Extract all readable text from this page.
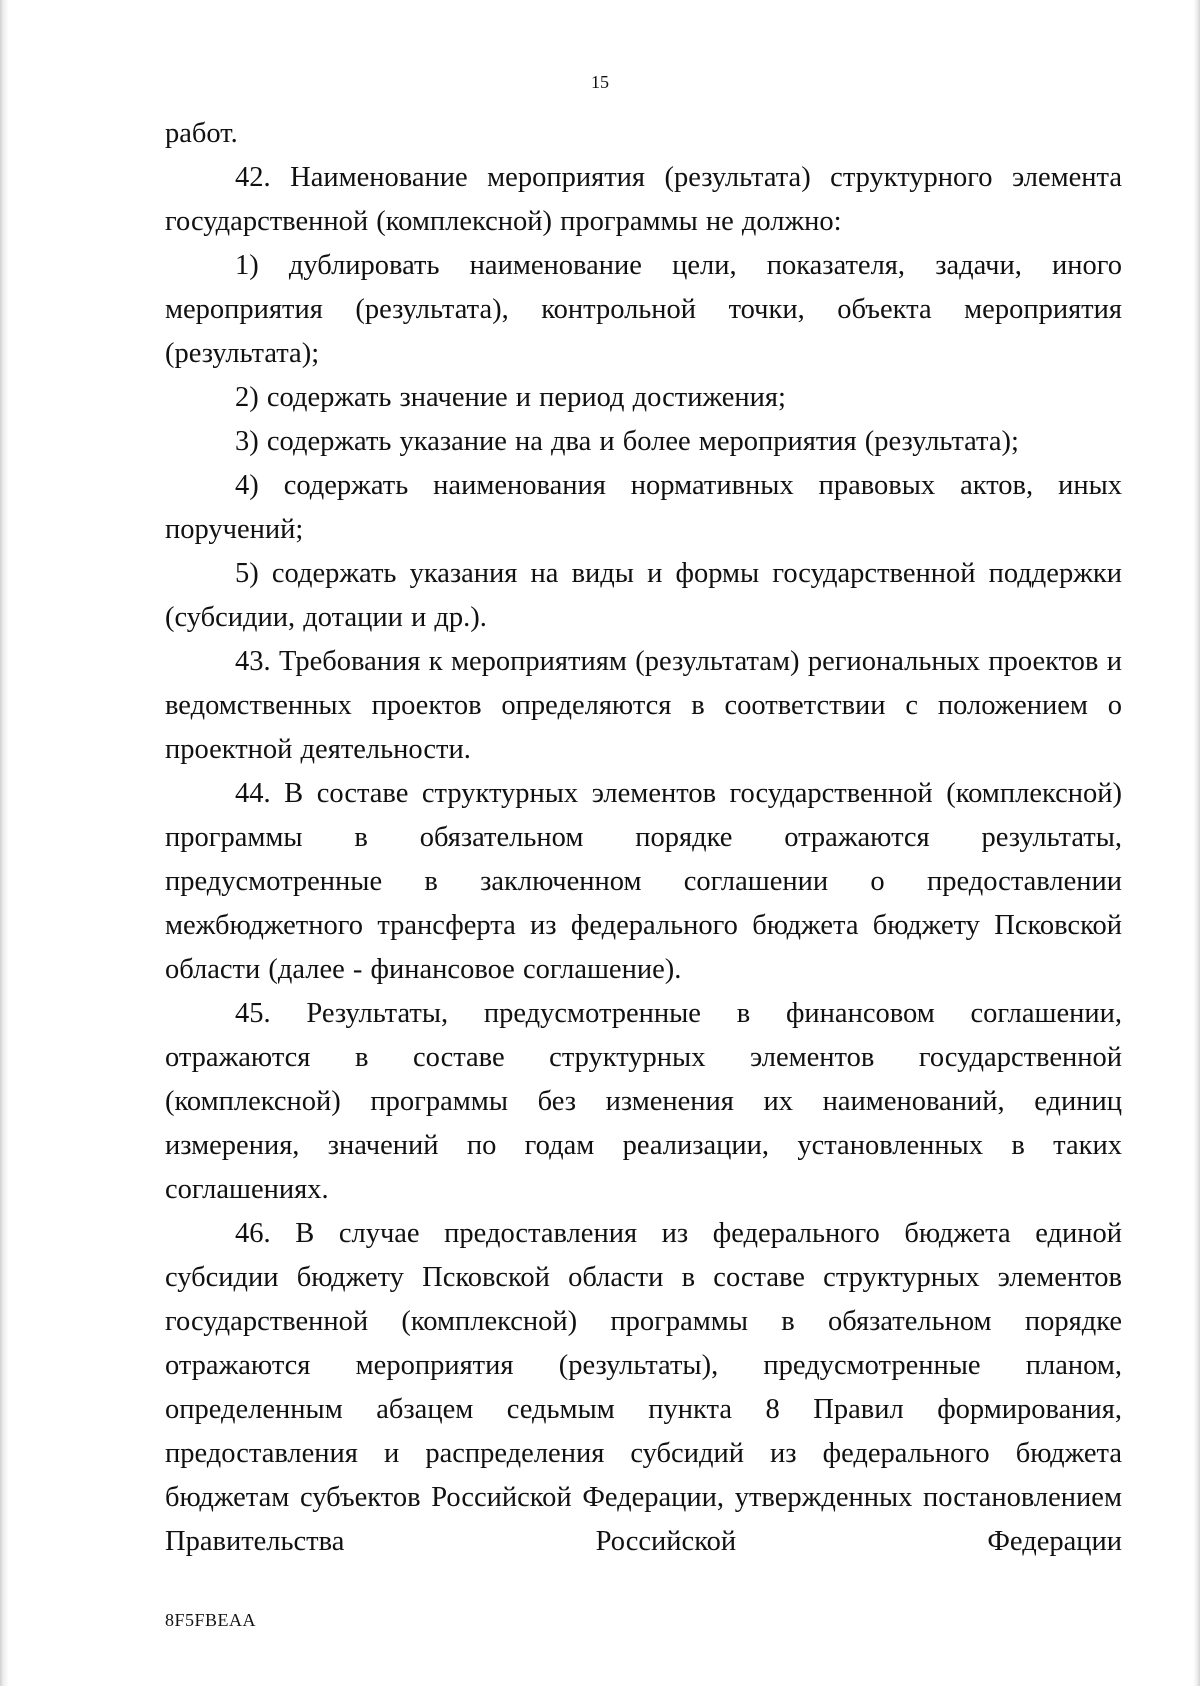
15

работ.

42. Наименование мероприятия (результата) структурного элемента государственной (комплексной) программы не должно:

1) дублировать наименование цели, показателя, задачи, иного мероприятия (результата), контрольной точки, объекта мероприятия (результата);

2) содержать значение и период достижения;

3) содержать указание на два и более мероприятия (результата);

4) содержать наименования нормативных правовых актов, иных поручений;

5) содержать указания на виды и формы государственной поддержки (субсидии, дотации и др.).

43. Требования к мероприятиям (результатам) региональных проектов и ведомственных проектов определяются в соответствии с положением о проектной деятельности.

44. В составе структурных элементов государственной (комплексной) программы в обязательном порядке отражаются результаты, предусмотренные в заключенном соглашении о предоставлении межбюджетного трансферта из федерального бюджета бюджету Псковской области (далее - финансовое соглашение).

45. Результаты, предусмотренные в финансовом соглашении, отражаются в составе структурных элементов государственной (комплексной) программы без изменения их наименований, единиц измерения, значений по годам реализации, установленных в таких соглашениях.

46. В случае предоставления из федерального бюджета единой субсидии бюджету Псковской области в составе структурных элементов государственной (комплексной) программы в обязательном порядке отражаются мероприятия (результаты), предусмотренные планом, определенным абзацем седьмым пункта 8 Правил формирования, предоставления и распределения субсидий из федерального бюджета бюджетам субъектов Российской Федерации, утвержденных постановлением Правительства Российской Федерации

8F5FBEAA
